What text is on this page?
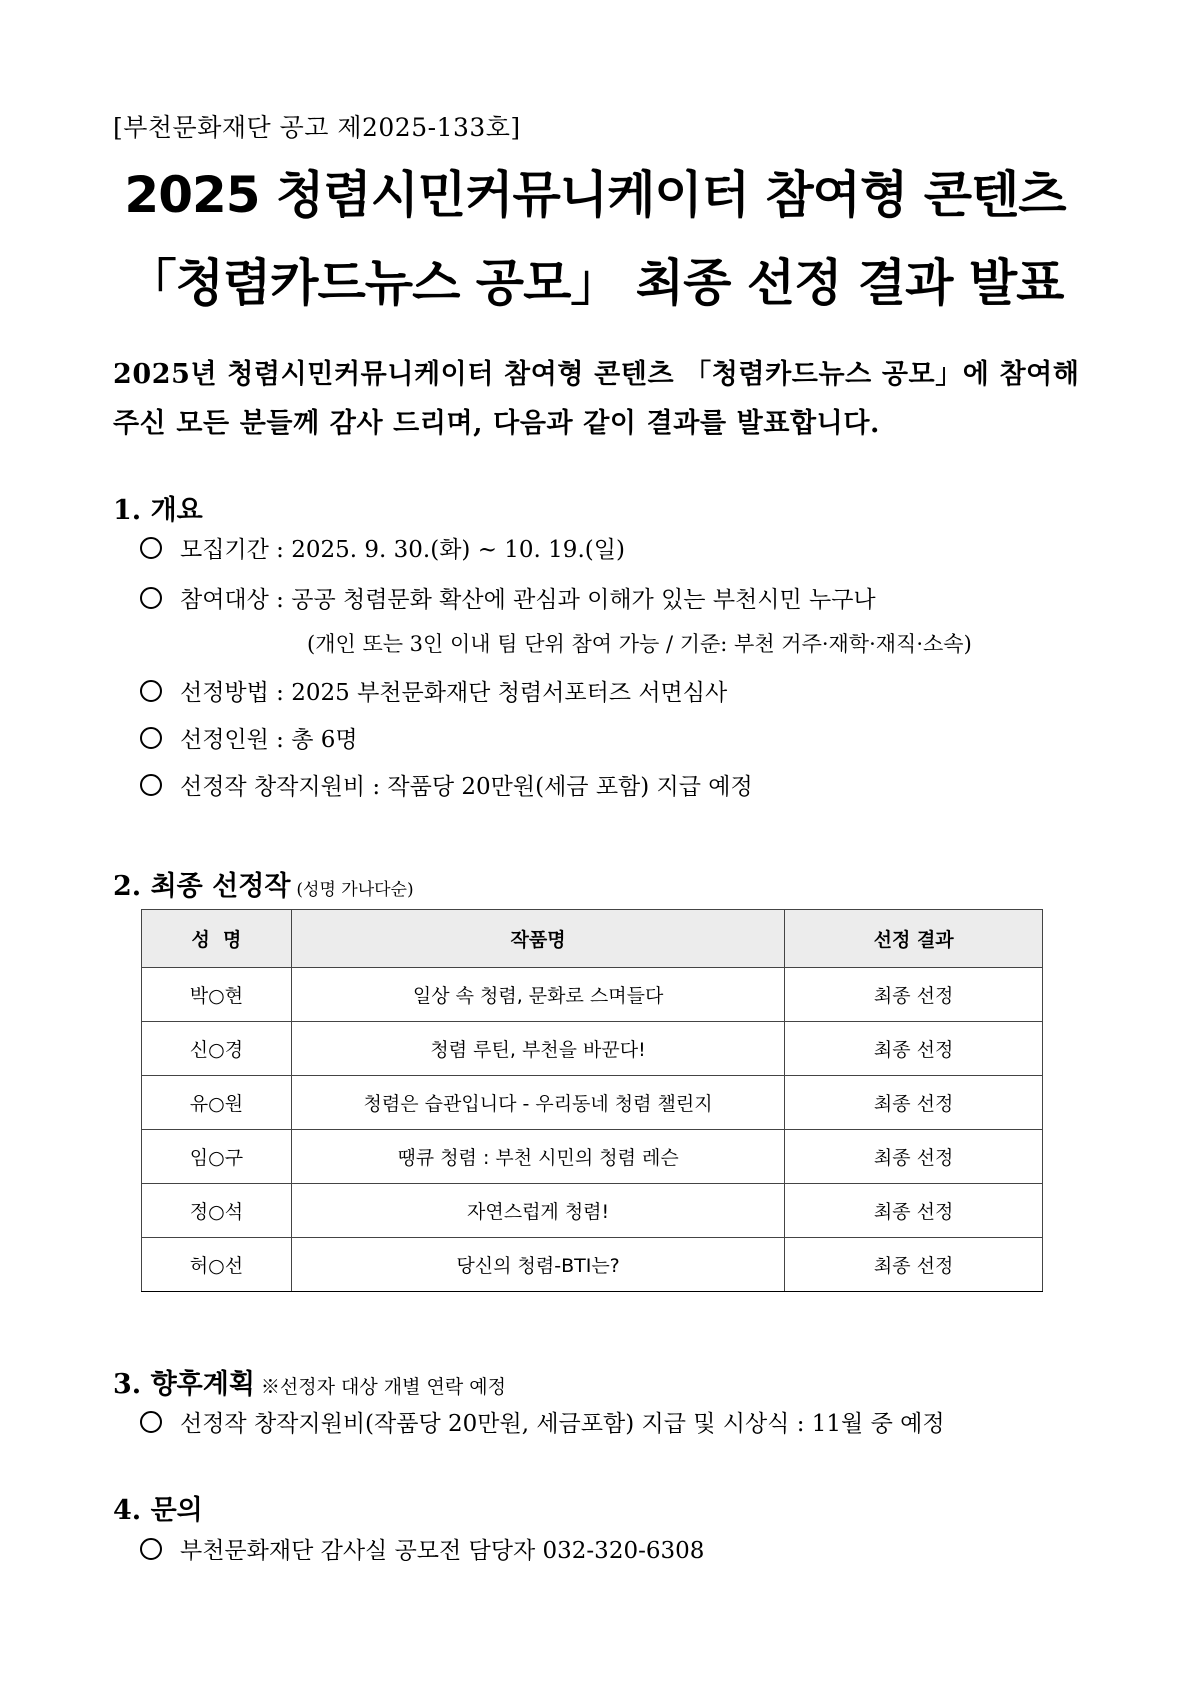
[부천문화재단 공고 제2025-133호]
2025 청렴시민커뮤니케이터 참여형 콘텐츠
「청렴카드뉴스 공모」 최종 선정 결과 발표

2025년 청렴시민커뮤니케이터 참여형 콘텐츠 「청렴카드뉴스 공모」에 참여해

주신 모든 분들께 감사 드리며, 다음과 같이 결과를 발표합니다.

1. 개요
모집기간 : 2025. 9. 30.(화) ~ 10. 19.(일)
참여대상 : 공공 청렴문화 확산에 관심과 이해가 있는 부천시민 누구나
(개인 또는 3인 이내 팀 단위 참여 가능 / 기준: 부천 거주·재학·재직·소속)
선정방법 : 2025 부천문화재단 청렴서포터즈 서면심사
선정인원 : 총 6명
선정작 창작지원비 : 작품당 20만원(세금 포함) 지급 예정
2. 최종 선정작 (성명 가나다순)
성  명	작품명	선정 결과
박○현	일상 속 청렴, 문화로 스며들다	최종 선정
신○경	청렴 루틴, 부천을 바꾼다!	최종 선정
유○원	청렴은 습관입니다 - 우리동네 청렴 챌린지	최종 선정
임○구	땡큐 청렴 : 부천 시민의 청렴 레슨	최종 선정
정○석	자연스럽게 청렴!	최종 선정
허○선	당신의 청렴-BTI는?	최종 선정
3. 향후계획 ※선정자 대상 개별 연락 예정
선정작 창작지원비(작품당 20만원, 세금포함) 지급 및 시상식 : 11월 중 예정
4. 문의
부천문화재단 감사실 공모전 담당자 032-320-6308
